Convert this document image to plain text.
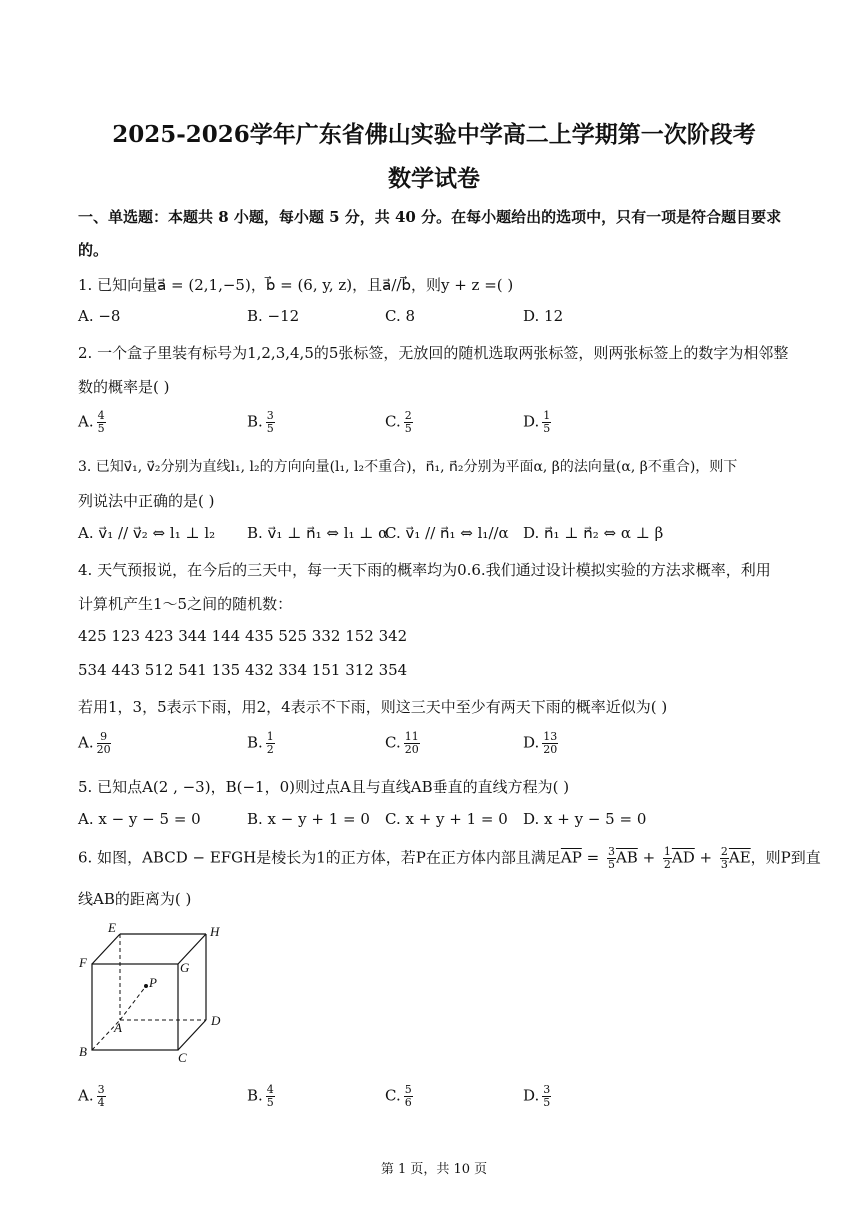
2025-2026学年广东省佛山实验中学高二上学期第一次阶段考
数学试卷
一、单选题：本题共 8 小题，每小题 5 分，共 40 分。在每小题给出的选项中，只有一项是符合题目要求
的。
1. 已知向量a⃗ = (2,1,−5)，b⃗ = (6, y, z)，且a⃗//b⃗，则y + z =( )
A. −8	B. −12	C. 8	D. 12
2. 一个盒子里装有标号为1,2,3,4,5的5张标签，无放回的随机选取两张标签，则两张标签上的数字为相邻整
数的概率是( )
A. $\frac{4}{5}$	B. $\frac{3}{5}$	C. $\frac{2}{5}$	D. $\frac{1}{5}$
3. 已知v⃗₁, v⃗₂分别为直线l₁, l₂的方向向量(l₁, l₂不重合)，n⃗₁, n⃗₂分别为平面α, β的法向量(α, β不重合)，则下
列说法中正确的是( )
A. v⃗₁ // v⃗₂ ⇔ l₁ ⊥ l₂ B. v⃗₁ ⊥ n⃗₁ ⇔ l₁ ⊥ α
C. v⃗₁ // n⃗₁ ⇔ l₁//α D. n⃗₁ ⊥ n⃗₂ ⇔ α ⊥ β
4. 天气预报说，在今后的三天中，每一天下雨的概率均为0.6.我们通过设计模拟实验的方法求概率，利用
计算机产生1～5之间的随机数：
425 123 423 344 144 435 525 332 152 342
534 443 512 541 135 432 334 151 312 354
若用1，3，5表示下雨，用2，4表示不下雨，则这三天中至少有两天下雨的概率近似为( )
A. $\frac{9}{20}$	B. $\frac{1}{2}$	C. $\frac{11}{20}$	D. $\frac{13}{20}$
5. 已知点A(2 , −3)，B(−1，0)则过点A且与直线AB垂直的直线方程为( )
A. x − y − 5 = 0	B. x − y + 1 = 0 C. x + y + 1 = 0 D. x + y − 5 = 0
6. 如图，ABCD − EFGH是棱长为1的正方体，若P在正方体内部且满足$\overline{AP} = \frac{3}{5} \overline{AB} + \frac{1}{2} \overline{AD} + \frac{2}{3} \overline{AE}$，则P到直
线AB的距离为( )
E	H
F	G
P
A	D
B	C
A. $\frac{3}{4}$	B. $\frac{4}{5}$	C. $\frac{5}{6}$	D. $\frac{3}{5}$
第 1 页，共 10 页
